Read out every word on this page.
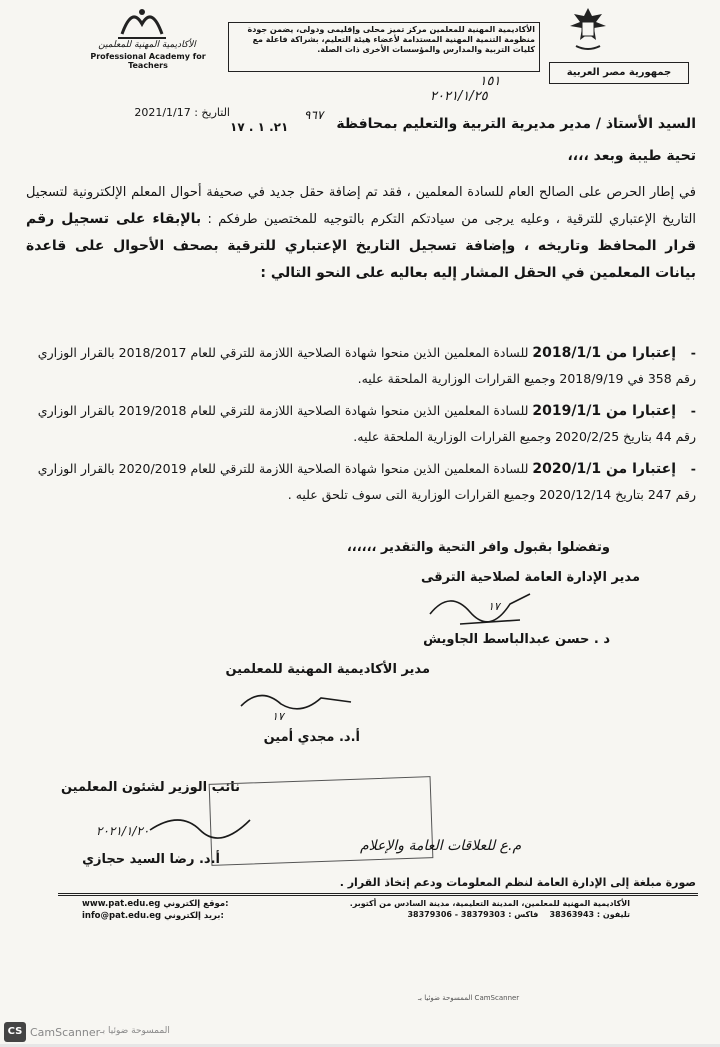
جمهورية مصر العربية
الأكاديمية المهنية للمعلمين مركز تميز محلى وإقليمى ودولى، يضمن جودة منظومة التنمية المهنية المستدامة لأعضاء هيئة التعليم، بشراكة فاعلة مع كليات التربية والمدارس والمؤسسات الأخرى ذات الصلة.
الأكاديمية المهنية للمعلمين
Professional Academy for Teachers
التاريخ : 2021/1/17
١٥١
٢٠٢١/١/٢٥
٩٦٧
السيد الأستاذ / مدير مديرية التربية والتعليم بمحافظة
٢١. ١ . ١٧
تحية طيبة وبعد ،،،،
في إطار الحرص على الصالح العام للسادة المعلمين ، فقد تم إضافة حقل جديد في صحيفة أحوال المعلم الإلكترونية لتسجيل التاريخ الإعتباري للترقية ، وعليه يرجى من سيادتكم التكرم بالتوجيه للمختصين طرفكم : بالإبقاء على تسجيل رقم قرار المحافظ وتاريخه ، وإضافة تسجيل التاريخ الإعتباري للترقية بصحف الأحوال على قاعدة بيانات المعلمين في الحقل المشار إليه بعاليه على النحو التالي :
-إعتبارا من 2018/1/1 للسادة المعلمين الذين منحوا شهادة الصلاحية اللازمة للترقي للعام 2018/2017 بالقرار الوزاري رقم 358 في 2018/9/19 وجميع القرارات الوزارية الملحقة عليه.
-إعتبارا من 2019/1/1 للسادة المعلمين الذين منحوا شهادة الصلاحية اللازمة للترقي للعام 2019/2018 بالقرار الوزاري رقم 44 بتاريخ 2020/2/25 وجميع القرارات الوزارية الملحقة عليه.
-إعتبارا من 2020/1/1 للسادة المعلمين الذين منحوا شهادة الصلاحية اللازمة للترقي للعام 2020/2019 بالقرار الوزاري رقم 247 بتاريخ 2020/12/14 وجميع القرارات الوزارية التى سوف تلحق عليه .
وتفضلوا بقبول وافر التحية والتقدير ،،،،،،
مدير الإدارة العامة لصلاحية الترقى
١٧
د . حسن عبدالباسط الجاويش
مدير الأكاديمية المهنية للمعلمين
١٧
أ.د. مجدي أمين
نائب الوزير لشئون المعلمين
٢٠٢١/١/٢٠
أ.د. رضا السيد حجازي
م.ع للعلاقات العامة والإعلام
صورة مبلغة إلى الإدارة العامة لنظم المعلومات ودعم إتخاذ القرار .
الأكاديمية المهنية للمعلمين، المدينة التعليمية، مدينة السادس من أكتوبر.
تليفون : 38363943    فاكس : 38379303 - 38379306
www.pat.edu.eg موقع إلكتروني:
info@pat.edu.eg بريد إلكتروني:
الممسوحة ضوئيا بـ CamScanner
CS CamScanner الممسوحة ضوئيا بـ
